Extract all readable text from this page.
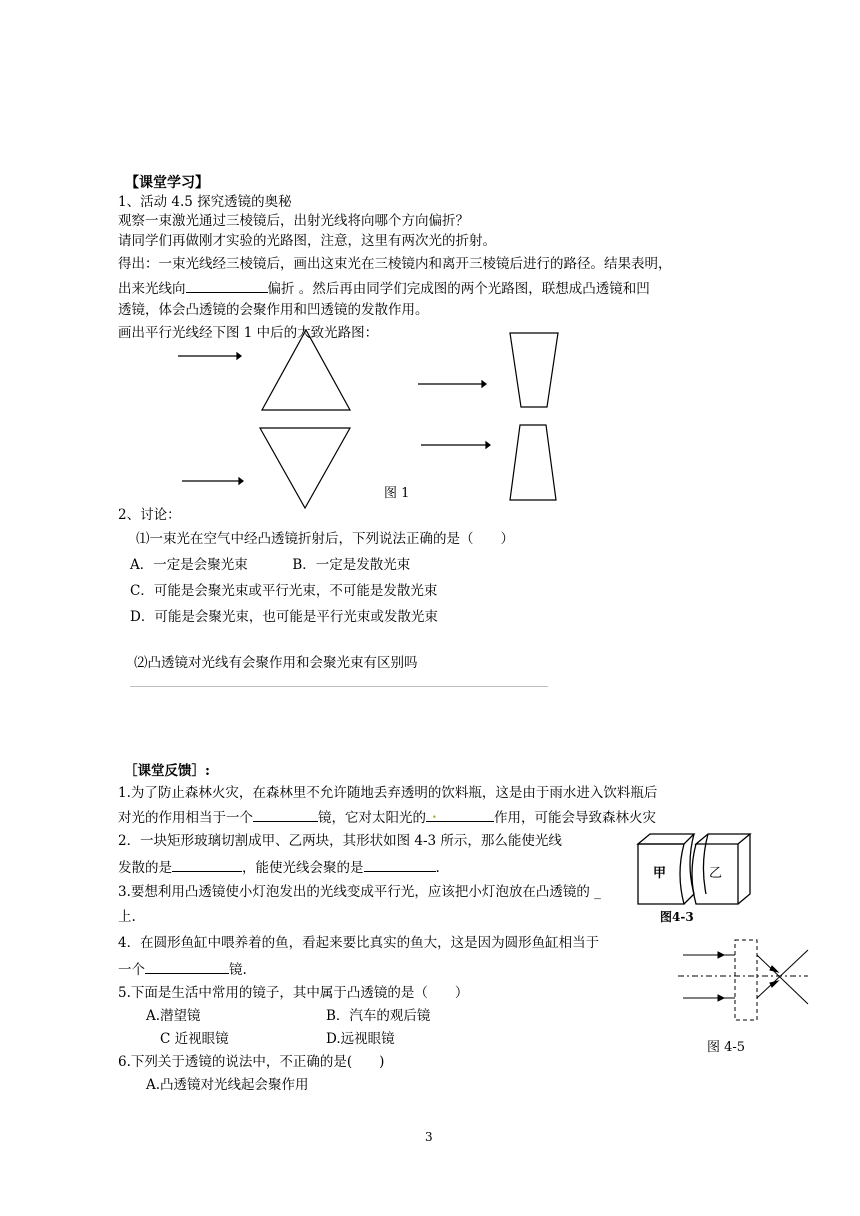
【课堂学习】
1、活动 4.5 探究透镜的奥秘
观察一束激光通过三棱镜后，出射光线将向哪个方向偏折？
请同学们再做刚才实验的光路图，注意，这里有两次光的折射。
得出：一束光线经三棱镜后，画出这束光在三棱镜内和离开三棱镜后进行的路径。结果表明，
出来光线向	偏折 。然后再由同学们完成图的两个光路图，联想成凸透镜和凹
透镜，体会凸透镜的会聚作用和凹透镜的发散作用。
画出平行光线经下图 1 中后的大致光路图：
图 1
2、讨论：
⑴一束光在空气中经凸透镜折射后，下列说法正确的是（　　）
A．一定是会聚光束	B．一定是发散光束
C．可能是会聚光束或平行光束，不可能是发散光束
D．可能是会聚光束，也可能是平行光束或发散光束
⑵凸透镜对光线有会聚作用和会聚光束有区别吗
［课堂反馈］:
1.为了防止森林火灾，在森林里不允许随地丢弃透明的饮料瓶，这是由于雨水进入饮料瓶后
对光的作用相当于一个	镜，它对太阳光的 .	作用，可能会导致森林火灾
2．一块矩形玻璃切割成甲、乙两块，其形状如图 4-3 所示，那么能使光线
发散的是	，能使光线会聚的是	.
3.要想利用凸透镜使小灯泡发出的光线变成平行光，应该把小灯泡放在凸透镜的 _
上.
4．在圆形鱼缸中喂养着的鱼，看起来要比真实的鱼大，这是因为圆形鱼缸相当于
一个	镜.
5.下面是生活中常用的镜子，其中属于凸透镜的是（　　）
A.潜望镜	B．汽车的观后镜
C 近视眼镜	D.远视眼镜
6.下列关于透镜的说法中，不正确的是(　　)
A.凸透镜对光线起会聚作用
甲	乙
图4-3
图 4-5
3
